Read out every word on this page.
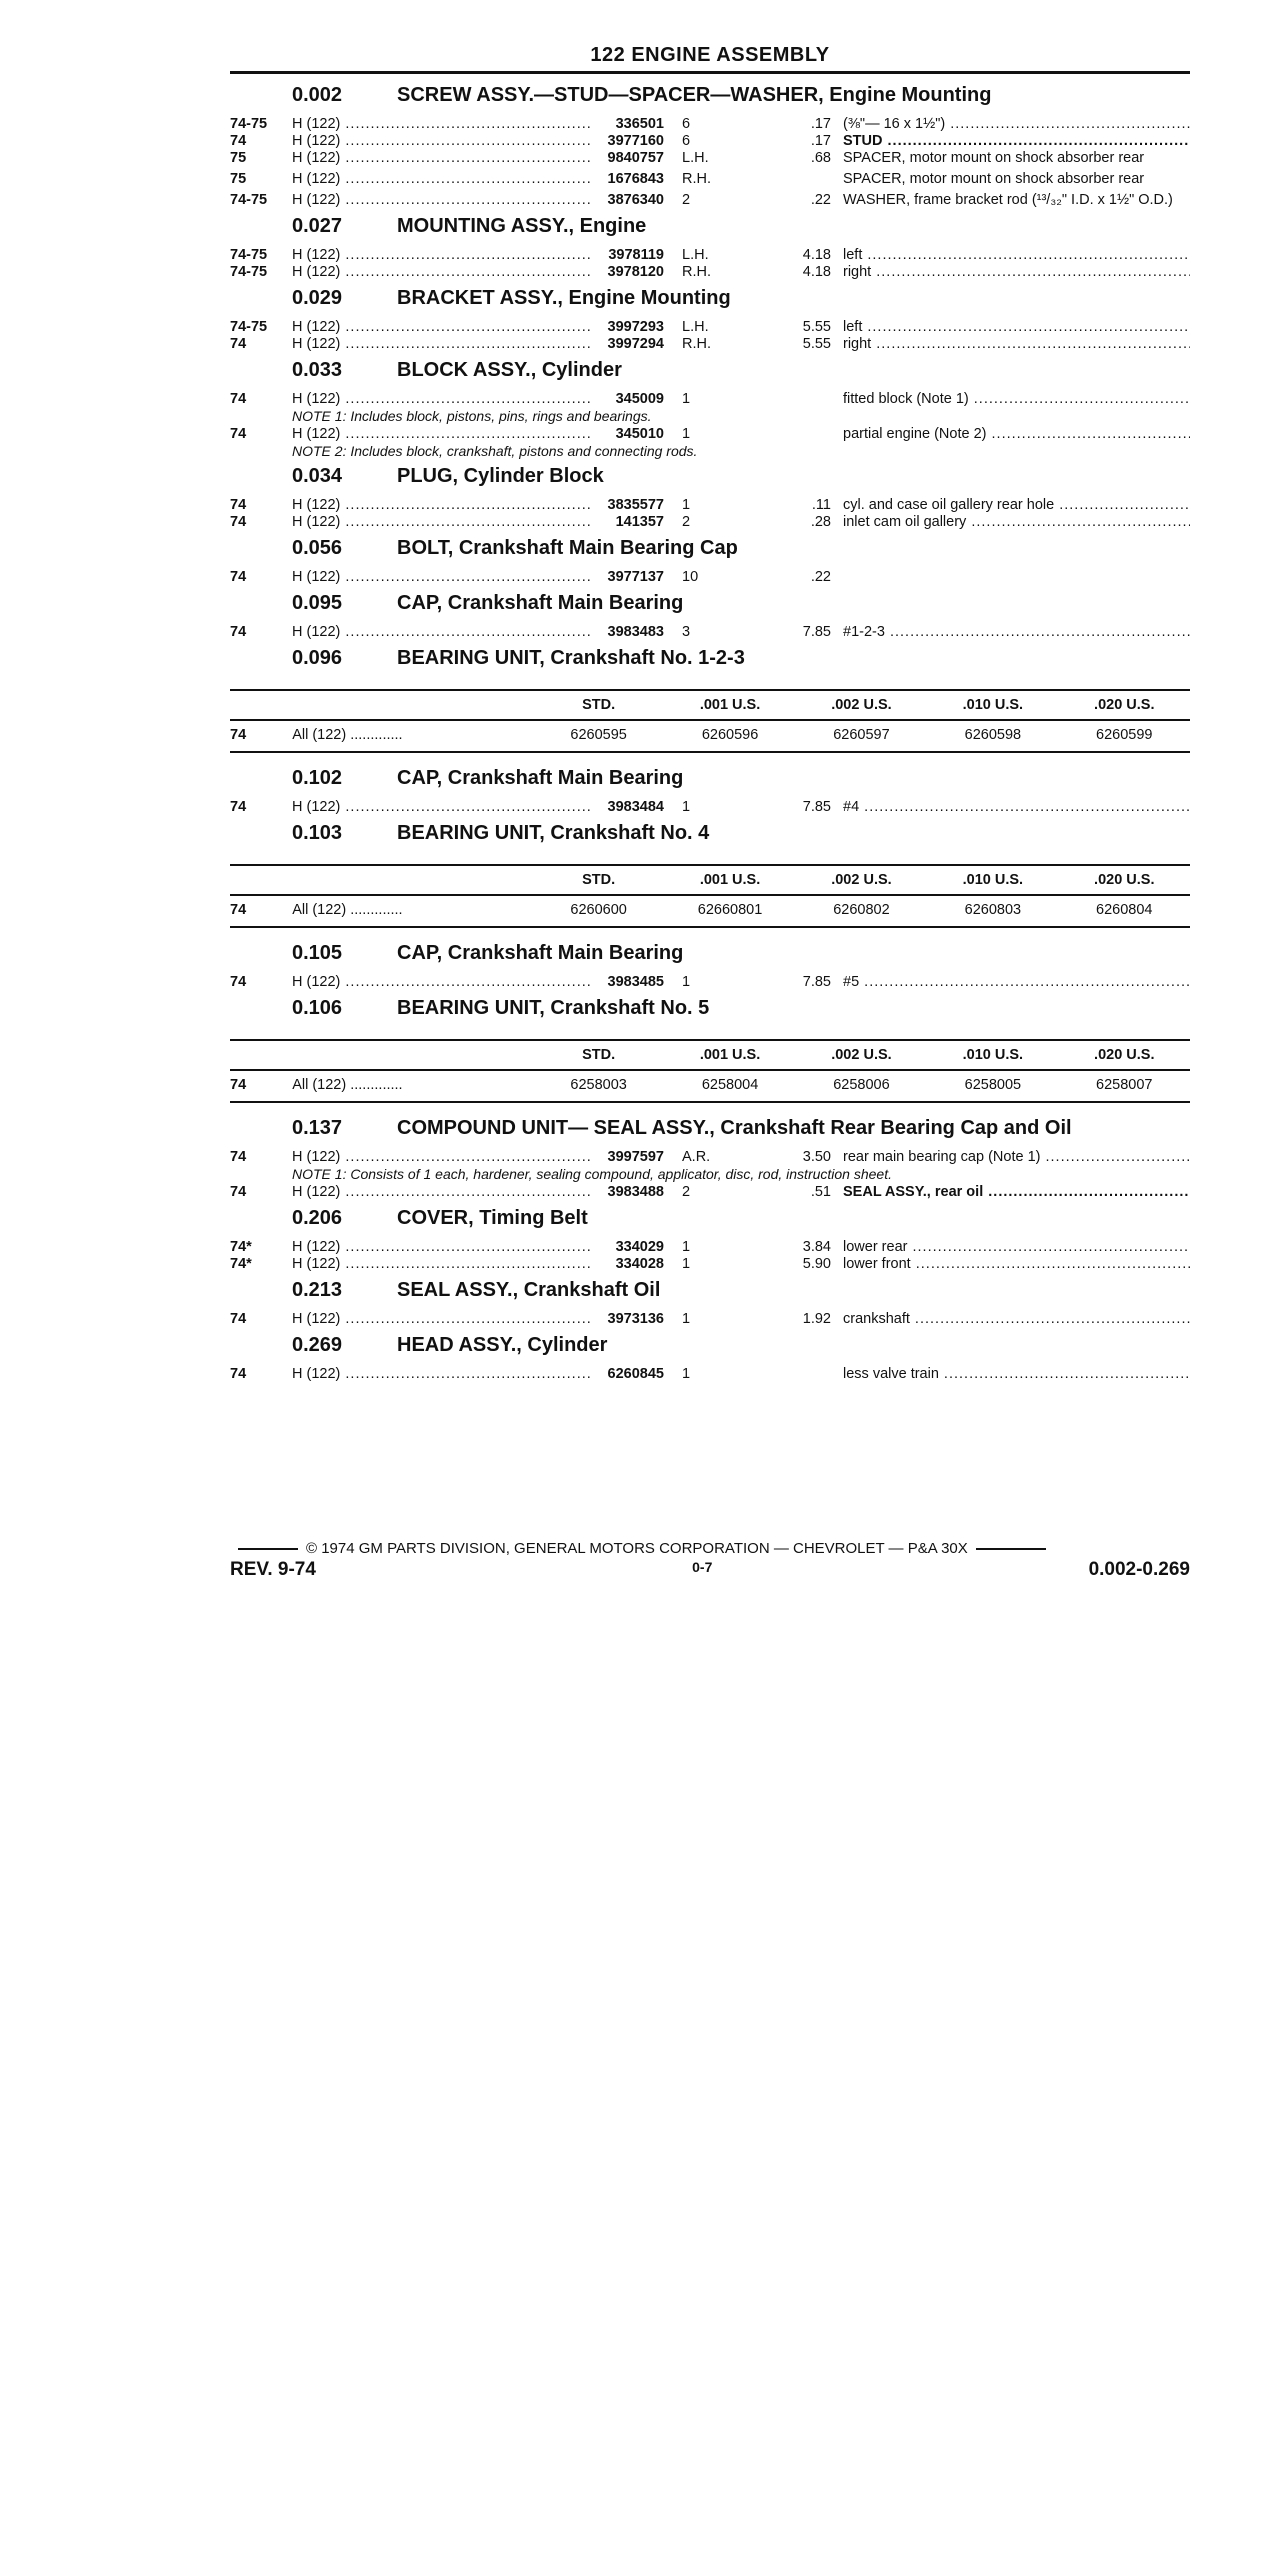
122 ENGINE ASSEMBLY
0.002	SCREW ASSY.—STUD—SPACER—WASHER, Engine Mounting
74-75	H (122) .....	336501	6	.17 (⅜"— 16 x 1½") .....
74	H (122) .....	3977160	6	.17 STUD .....
75	H (122) .....	9840757	L.H.	.68 SPACER, motor mount on shock absorber rear
75	H (122) .....	1676843	R.H.	SPACER, motor mount on shock absorber rear
74-75	H (122) .....	3876340	2	.22 WASHER, frame bracket rod (¹³/₃₂" I.D. x 1½" O.D.)
0.027	MOUNTING ASSY., Engine
74-75	H (122) .....	3978119	L.H.	4.18 left .....
74-75	H (122) .....	3978120	R.H.	4.18 right .....
0.029	BRACKET ASSY., Engine Mounting
74-75	H (122) .....	3997293	L.H.	5.55 left .....
74	H (122) .....	3997294	R.H.	5.55 right .....
0.033	BLOCK ASSY., Cylinder
74	H (122) .....	345009	1	fitted block (Note 1) .....
NOTE 1: Includes block, pistons, pins, rings and bearings.
74	H (122) .....	345010	1	partial engine (Note 2) .....
NOTE 2: Includes block, crankshaft, pistons and connecting rods.
0.034	PLUG, Cylinder Block
74	H (122) .....	3835577	1	.11 cyl. and case oil gallery rear hole .....
74	H (122) .....	141357	2	.28 inlet cam oil gallery .....
0.056	BOLT, Crankshaft Main Bearing Cap
74	H (122) .....	3977137	10	.22
0.095	CAP, Crankshaft Main Bearing
74	H (122) .....	3983483	3	7.85 #1-2-3 .....
0.096	BEARING UNIT, Crankshaft No. 1-2-3
		STD.	.001 U.S.	.002 U.S.	.010 U.S.	.020 U.S.
74	All (122) .............	6260595	6260596	6260597	6260598	6260599
0.102	CAP, Crankshaft Main Bearing
74	H (122) .....	3983484	1	7.85 #4 .....
0.103	BEARING UNIT, Crankshaft No. 4
		STD.	.001 U.S.	.002 U.S.	.010 U.S.	.020 U.S.
74	All (122) .............	6260600	62660801	6260802	6260803	6260804
0.105	CAP, Crankshaft Main Bearing
74	H (122) .....	3983485	1	7.85 #5 .....
0.106	BEARING UNIT, Crankshaft No. 5
		STD.	.001 U.S.	.002 U.S.	.010 U.S.	.020 U.S.
74	All (122) .............	6258003	6258004	6258006	6258005	6258007
0.137	COMPOUND UNIT— SEAL ASSY., Crankshaft Rear Bearing Cap and Oil
74	H (122) .....	3997597	A.R.	3.50 rear main bearing cap (Note 1) .....
NOTE 1: Consists of 1 each, hardener, sealing compound, applicator, disc, rod, instruction sheet.
74	H (122) .....	3983488	2	.51 SEAL ASSY., rear oil .....
0.206	COVER, Timing Belt
74*	H (122) .....	334029	1	3.84 lower rear .....
74*	H (122) .....	334028	1	5.90 lower front .....
0.213	SEAL ASSY., Crankshaft Oil
74	H (122) .....	3973136	1	1.92 crankshaft .....
0.269	HEAD ASSY., Cylinder
74	H (122) .....	6260845	1	less valve train .....
© 1974 GM PARTS DIVISION, GENERAL MOTORS CORPORATION — CHEVROLET — P&A 30X
REV. 9-74	0-7	0.002-0.269
